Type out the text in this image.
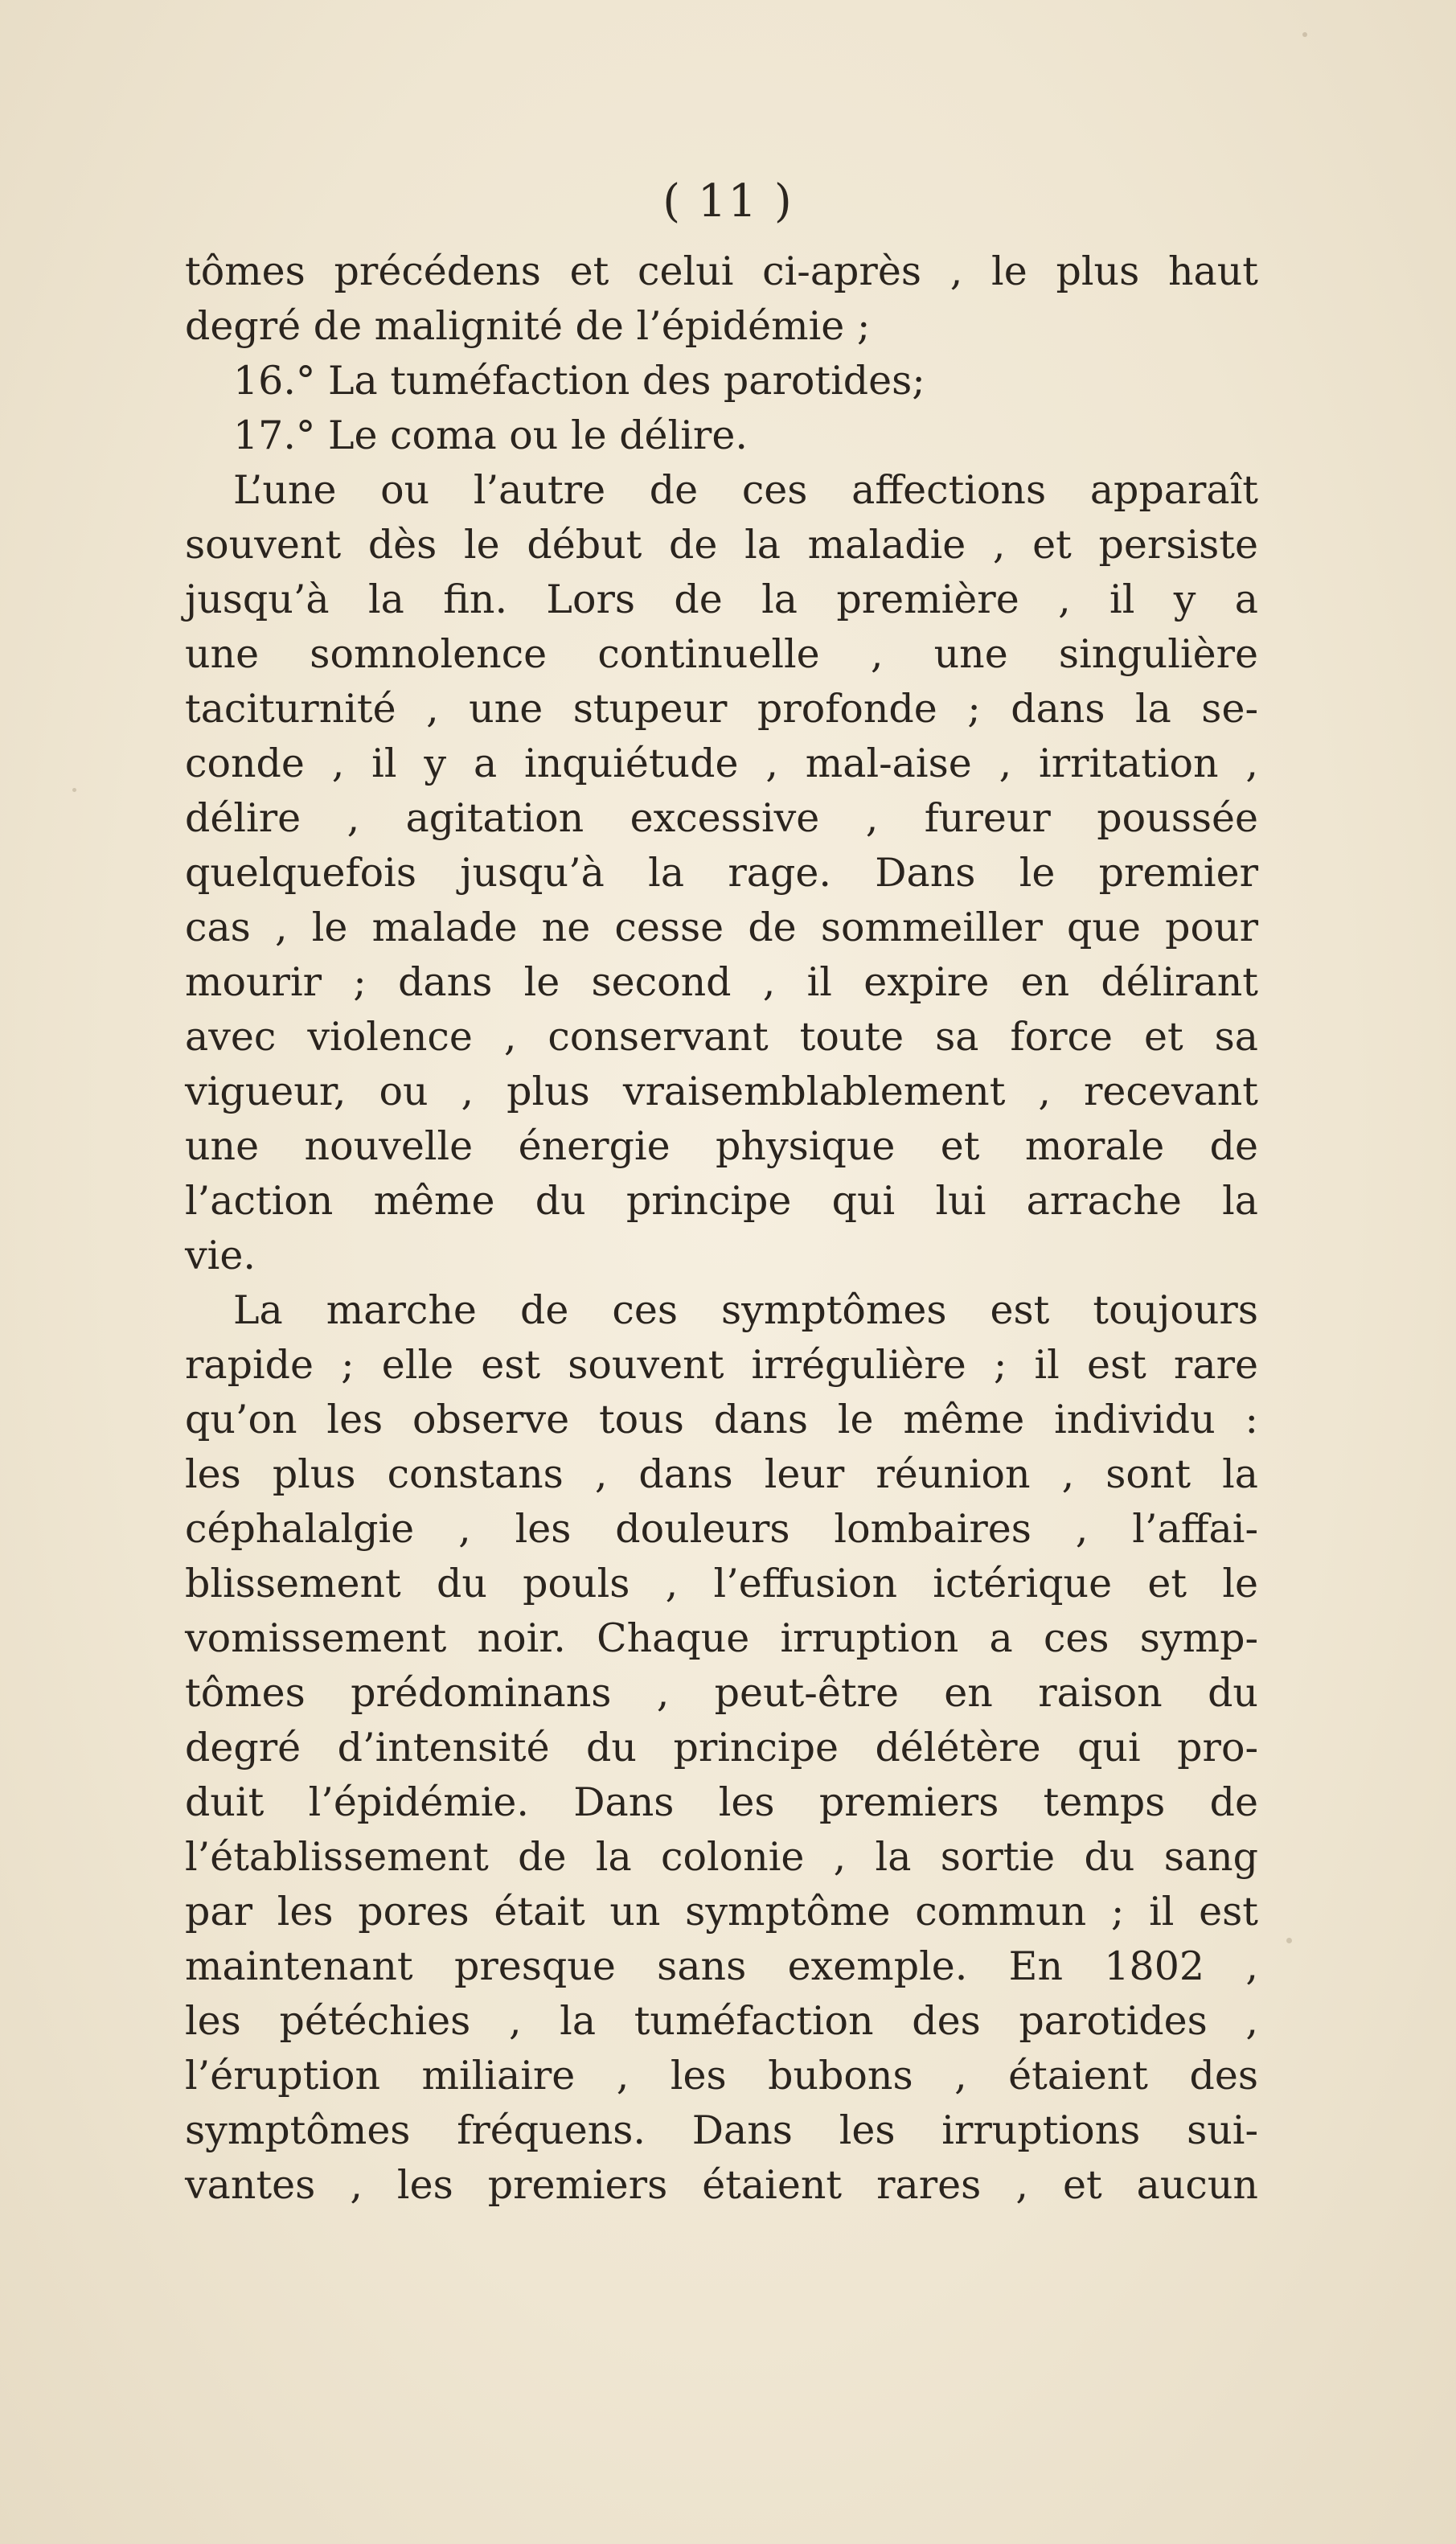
( 11 )
tômes précédens et celui ci-après , le plus haut
degré de malignité de l’épidémie ;
16.° La tuméfaction des parotides;
17.° Le coma ou le délire.
L’une ou l’autre de ces affections apparaît
souvent dès le début de la maladie , et persiste
jusqu’à la fin. Lors de la première , il y a
une somnolence continuelle , une singulière
taciturnité , une stupeur profonde ; dans la se-
conde , il y a inquiétude , mal-aise , irritation ,
délire , agitation excessive , fureur poussée
quelquefois jusqu’à la rage. Dans le premier
cas , le malade ne cesse de sommeiller que pour
mourir ; dans le second , il expire en délirant
avec violence , conservant toute sa force et sa
vigueur, ou , plus vraisemblablement , recevant
une nouvelle énergie physique et morale de
l’action même du principe qui lui arrache la
vie.
La marche de ces symptômes est toujours
rapide ; elle est souvent irrégulière ; il est rare
qu’on les observe tous dans le même individu :
les plus constans , dans leur réunion , sont la
céphalalgie , les douleurs lombaires , l’affai-
blissement du pouls , l’effusion ictérique et le
vomissement noir. Chaque irruption a ces symp-
tômes prédominans , peut-être en raison du
degré d’intensité du principe délétère qui pro-
duit l’épidémie. Dans les premiers temps de
l’établissement de la colonie , la sortie du sang
par les pores était un symptôme commun ; il est
maintenant presque sans exemple. En 1802 ,
les pétéchies , la tuméfaction des parotides ,
l’éruption miliaire , les bubons , étaient des
symptômes fréquens. Dans les irruptions sui-
vantes , les premiers étaient rares , et aucun
